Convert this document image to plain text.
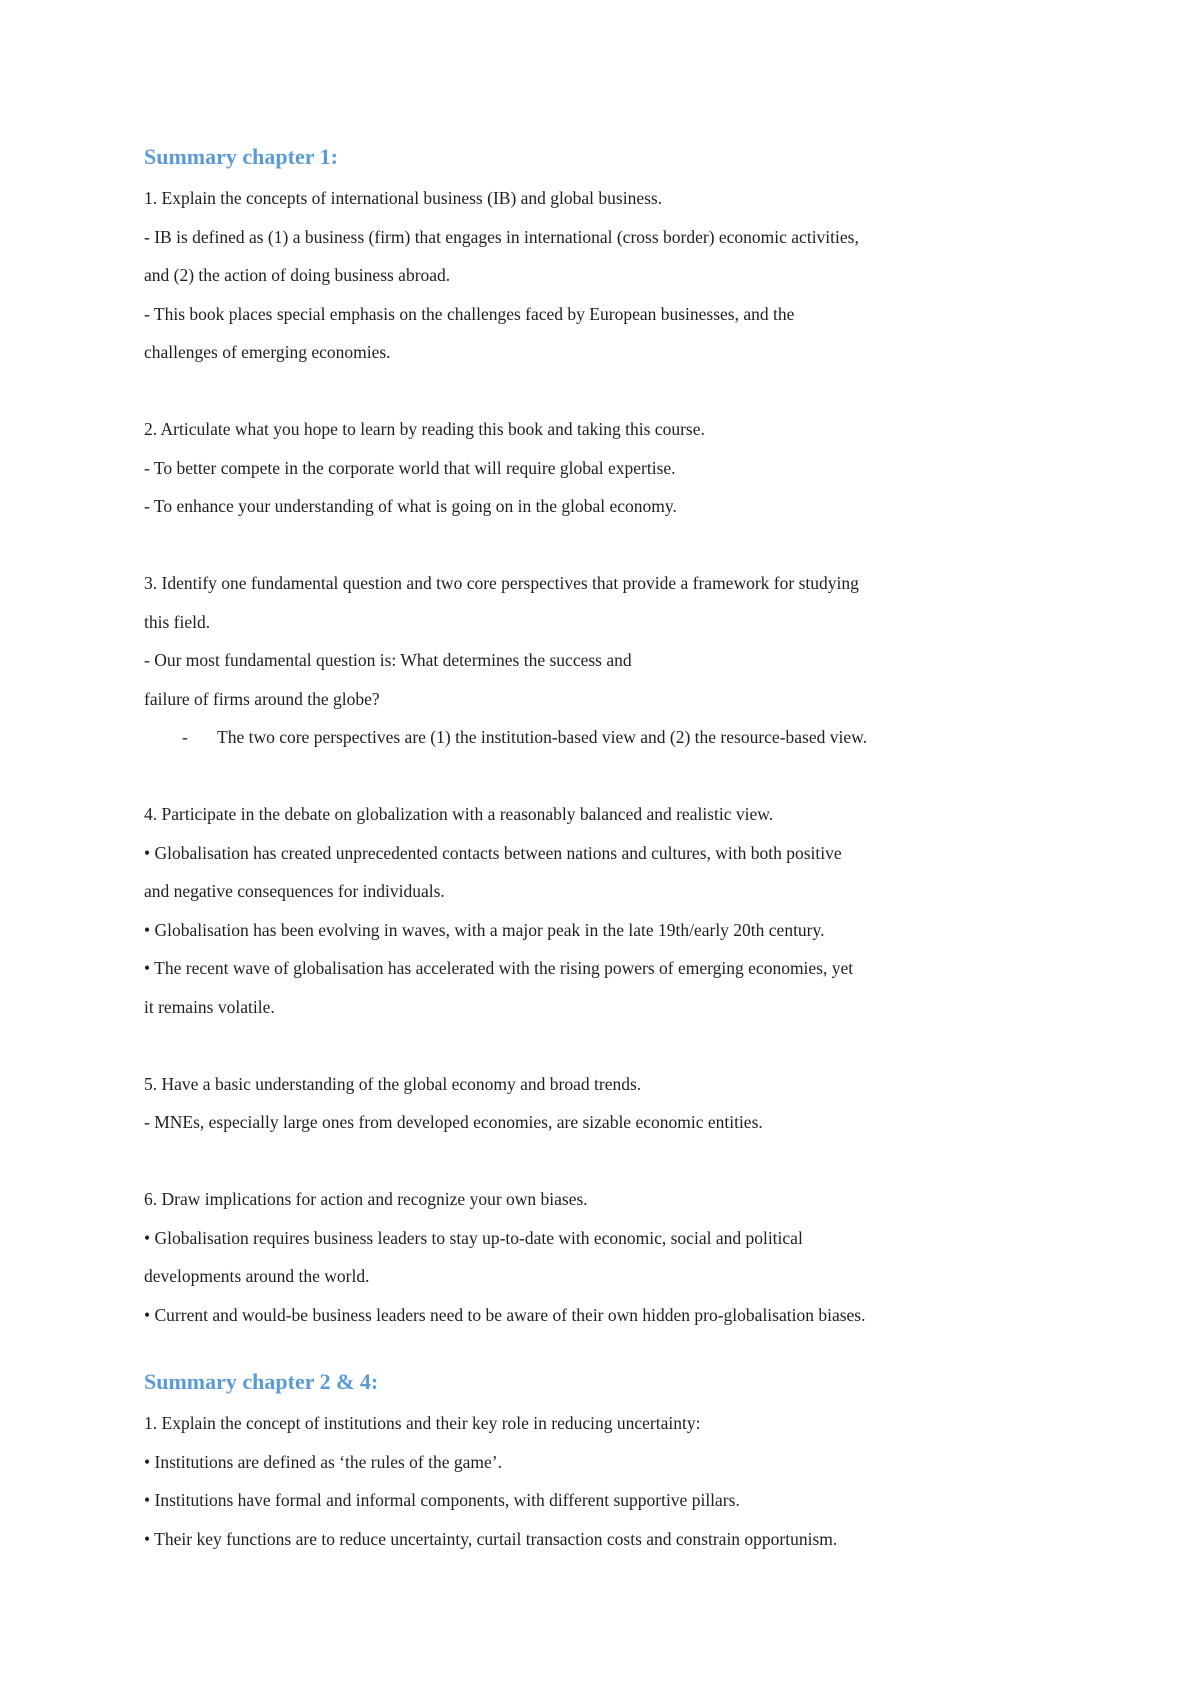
Summary chapter 1:

1. Explain the concepts of international business (IB) and global business.

- IB is defined as (1) a business (firm) that engages in international (cross border) economic activities,

and (2) the action of doing business abroad.

- This book places special emphasis on the challenges faced by European businesses, and the

challenges of emerging economies.

2. Articulate what you hope to learn by reading this book and taking this course.

- To better compete in the corporate world that will require global expertise.

- To enhance your understanding of what is going on in the global economy.

3. Identify one fundamental question and two core perspectives that provide a framework for studying

this field.

- Our most fundamental question is: What determines the success and

failure of firms around the globe?

- The two core perspectives are (1) the institution-based view and (2) the resource-based view.

4. Participate in the debate on globalization with a reasonably balanced and realistic view.

• Globalisation has created unprecedented contacts between nations and cultures, with both positive

and negative consequences for individuals.

• Globalisation has been evolving in waves, with a major peak in the late 19th/early 20th century.

• The recent wave of globalisation has accelerated with the rising powers of emerging economies, yet

it remains volatile.

5. Have a basic understanding of the global economy and broad trends.

- MNEs, especially large ones from developed economies, are sizable economic entities.

6. Draw implications for action and recognize your own biases.

• Globalisation requires business leaders to stay up-to-date with economic, social and political

developments around the world.

• Current and would-be business leaders need to be aware of their own hidden pro-globalisation biases.

Summary chapter 2 & 4:

1. Explain the concept of institutions and their key role in reducing uncertainty:

• Institutions are defined as ‘the rules of the game’.

• Institutions have formal and informal components, with different supportive pillars.

• Their key functions are to reduce uncertainty, curtail transaction costs and constrain opportunism.
